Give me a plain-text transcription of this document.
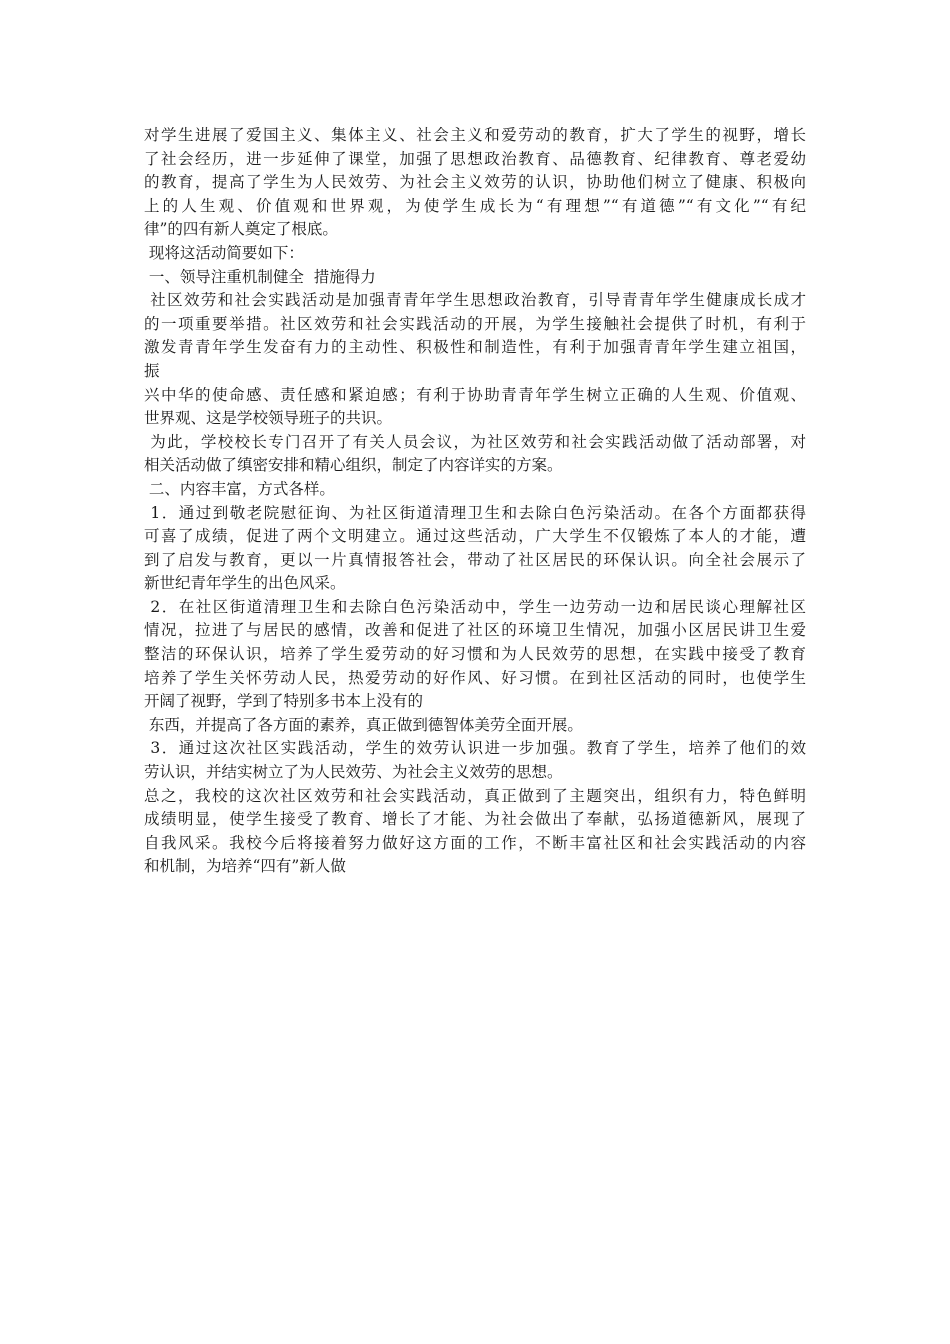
对学生进展了爱国主义、集体主义、社会主义和爱劳动的教育，扩大了学生的视野，增长
了社会经历，进一步延伸了课堂，加强了思想政治教育、品德教育、纪律教育、尊老爱幼
的教育，提高了学生为人民效劳、为社会主义效劳的认识，协助他们树立了健康、积极向
上的人生观、价值观和世界观，为使学生成长为“有理想”“有道德”“有文化”“有纪
律”的四有新人奠定了根底。
现将这活动简要如下：
一、领导注重机制健全  措施得力
社区效劳和社会实践活动是加强青青年学生思想政治教育，引导青青年学生健康成长成才
的一项重要举措。社区效劳和社会实践活动的开展，为学生接触社会提供了时机，有利于
激发青青年学生发奋有力的主动性、积极性和制造性，有利于加强青青年学生建立祖国，
振
兴中华的使命感、责任感和紧迫感；有利于协助青青年学生树立正确的人生观、价值观、
世界观、这是学校领导班子的共识。
为此，学校校长专门召开了有关人员会议，为社区效劳和社会实践活动做了活动部署，对
相关活动做了缜密安排和精心组织，制定了内容详实的方案。
二、内容丰富，方式各样。
1．通过到敬老院慰征询、为社区街道清理卫生和去除白色污染活动。在各个方面都获得
可喜了成绩，促进了两个文明建立。通过这些活动，广大学生不仅锻炼了本人的才能，遭
到了启发与教育，更以一片真情报答社会，带动了社区居民的环保认识。向全社会展示了
新世纪青年学生的出色风采。
2．在社区街道清理卫生和去除白色污染活动中，学生一边劳动一边和居民谈心理解社区
情况，拉进了与居民的感情，改善和促进了社区的环境卫生情况，加强小区居民讲卫生爱
整洁的环保认识，培养了学生爱劳动的好习惯和为人民效劳的思想，在实践中接受了教育
培养了学生关怀劳动人民，热爱劳动的好作风、好习惯。在到社区活动的同时，也使学生
开阔了视野，学到了特别多书本上没有的
东西，并提高了各方面的素养，真正做到德智体美劳全面开展。
3．通过这次社区实践活动，学生的效劳认识进一步加强。教育了学生，培养了他们的效
劳认识，并结实树立了为人民效劳、为社会主义效劳的思想。
总之，我校的这次社区效劳和社会实践活动，真正做到了主题突出，组织有力，特色鲜明
成绩明显，使学生接受了教育、增长了才能、为社会做出了奉献，弘扬道德新风，展现了
自我风采。我校今后将接着努力做好这方面的工作，不断丰富社区和社会实践活动的内容
和机制，为培养“四有”新人做
